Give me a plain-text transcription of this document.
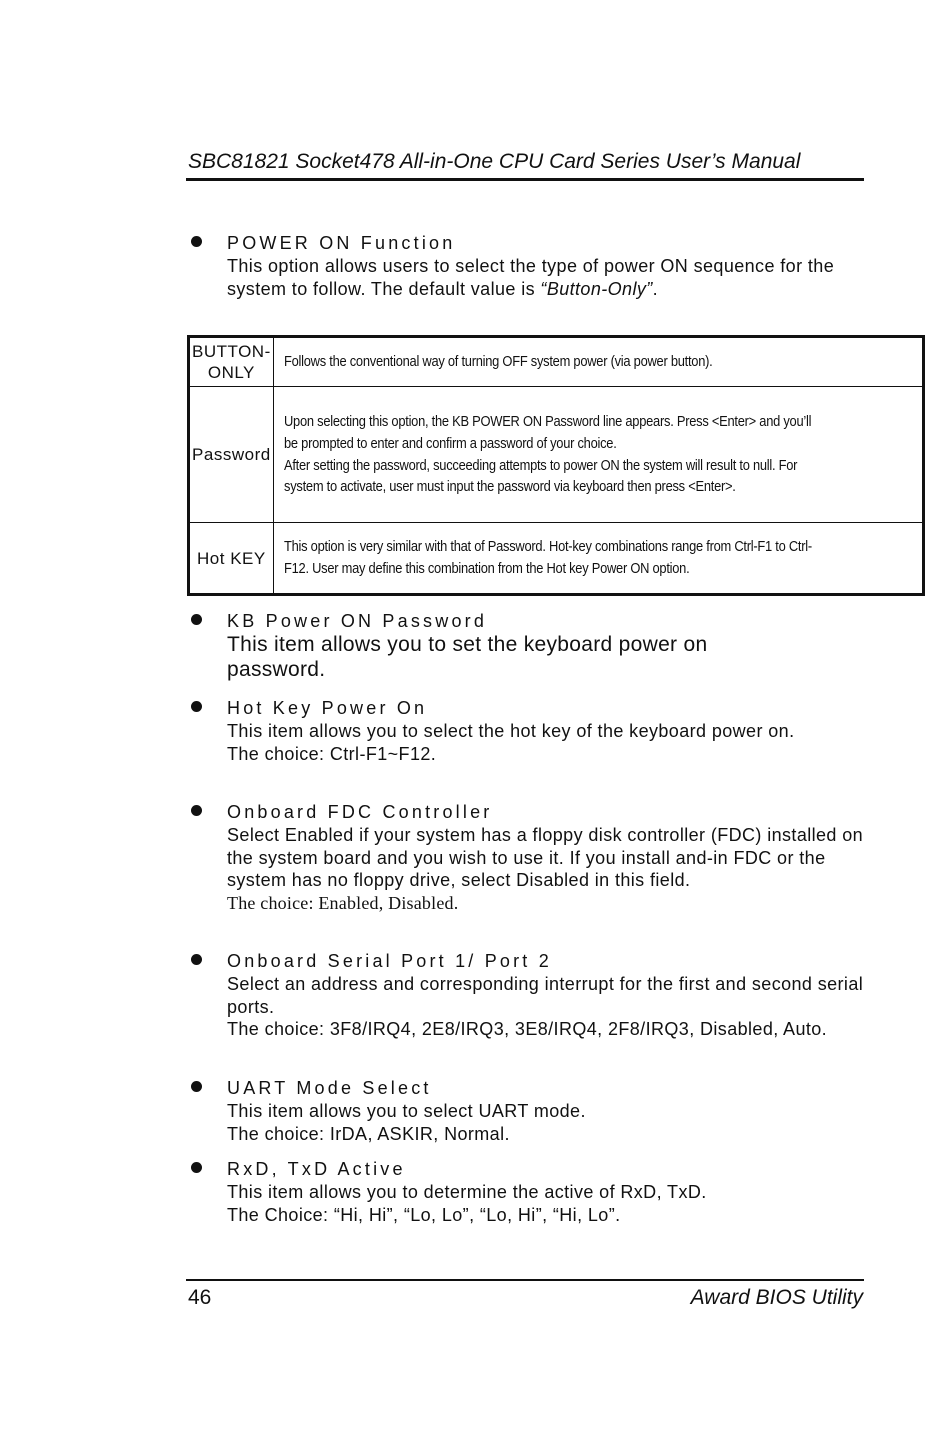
SBC81821 Socket478 All-in-One CPU Card Series User’s Manual
POWER ON Function

This option allows users to select the type of power ON sequence for the system to follow. The default value is “Button-Only”.

BUTTON-
ONLY	Follows the conventional way of turning OFF system power (via power button).
Password	Upon selecting this option, the KB POWER ON Password line appears. Press <Enter> and you’ll be prompted to enter and confirm a password of your choice.
After setting the password, succeeding attempts to power ON the system will result to null. For system to activate, user must input the password via keyboard then press <Enter>.
Hot KEY	This option is very similar with that of Password. Hot-key combinations range from Ctrl-F1 to Ctrl-F12. User may define this combination from the Hot key Power ON option.
KB Power ON Password
This item allows you to set the keyboard power on password.
Hot Key Power On

This item allows you to select the hot key of the keyboard power on.

The choice: Ctrl-F1~F12.

Onboard FDC Controller

Select Enabled if your system has a floppy disk controller (FDC) installed on the system board and you wish to use it. If you install and-in FDC or the system has no floppy drive, select Disabled in this field.

The choice: Enabled, Disabled.

Onboard Serial Port 1/ Port 2

Select an address and corresponding interrupt for the first and second serial ports.

The choice: 3F8/IRQ4, 2E8/IRQ3, 3E8/IRQ4, 2F8/IRQ3, Disabled, Auto.

UART Mode Select

This item allows you to select UART mode.

The choice: IrDA, ASKIR, Normal.

RxD, TxD Active

This item allows you to determine the active of RxD, TxD.

The Choice: “Hi, Hi”, “Lo, Lo”, “Lo, Hi”, “Hi, Lo”.

46	Award BIOS Utility
